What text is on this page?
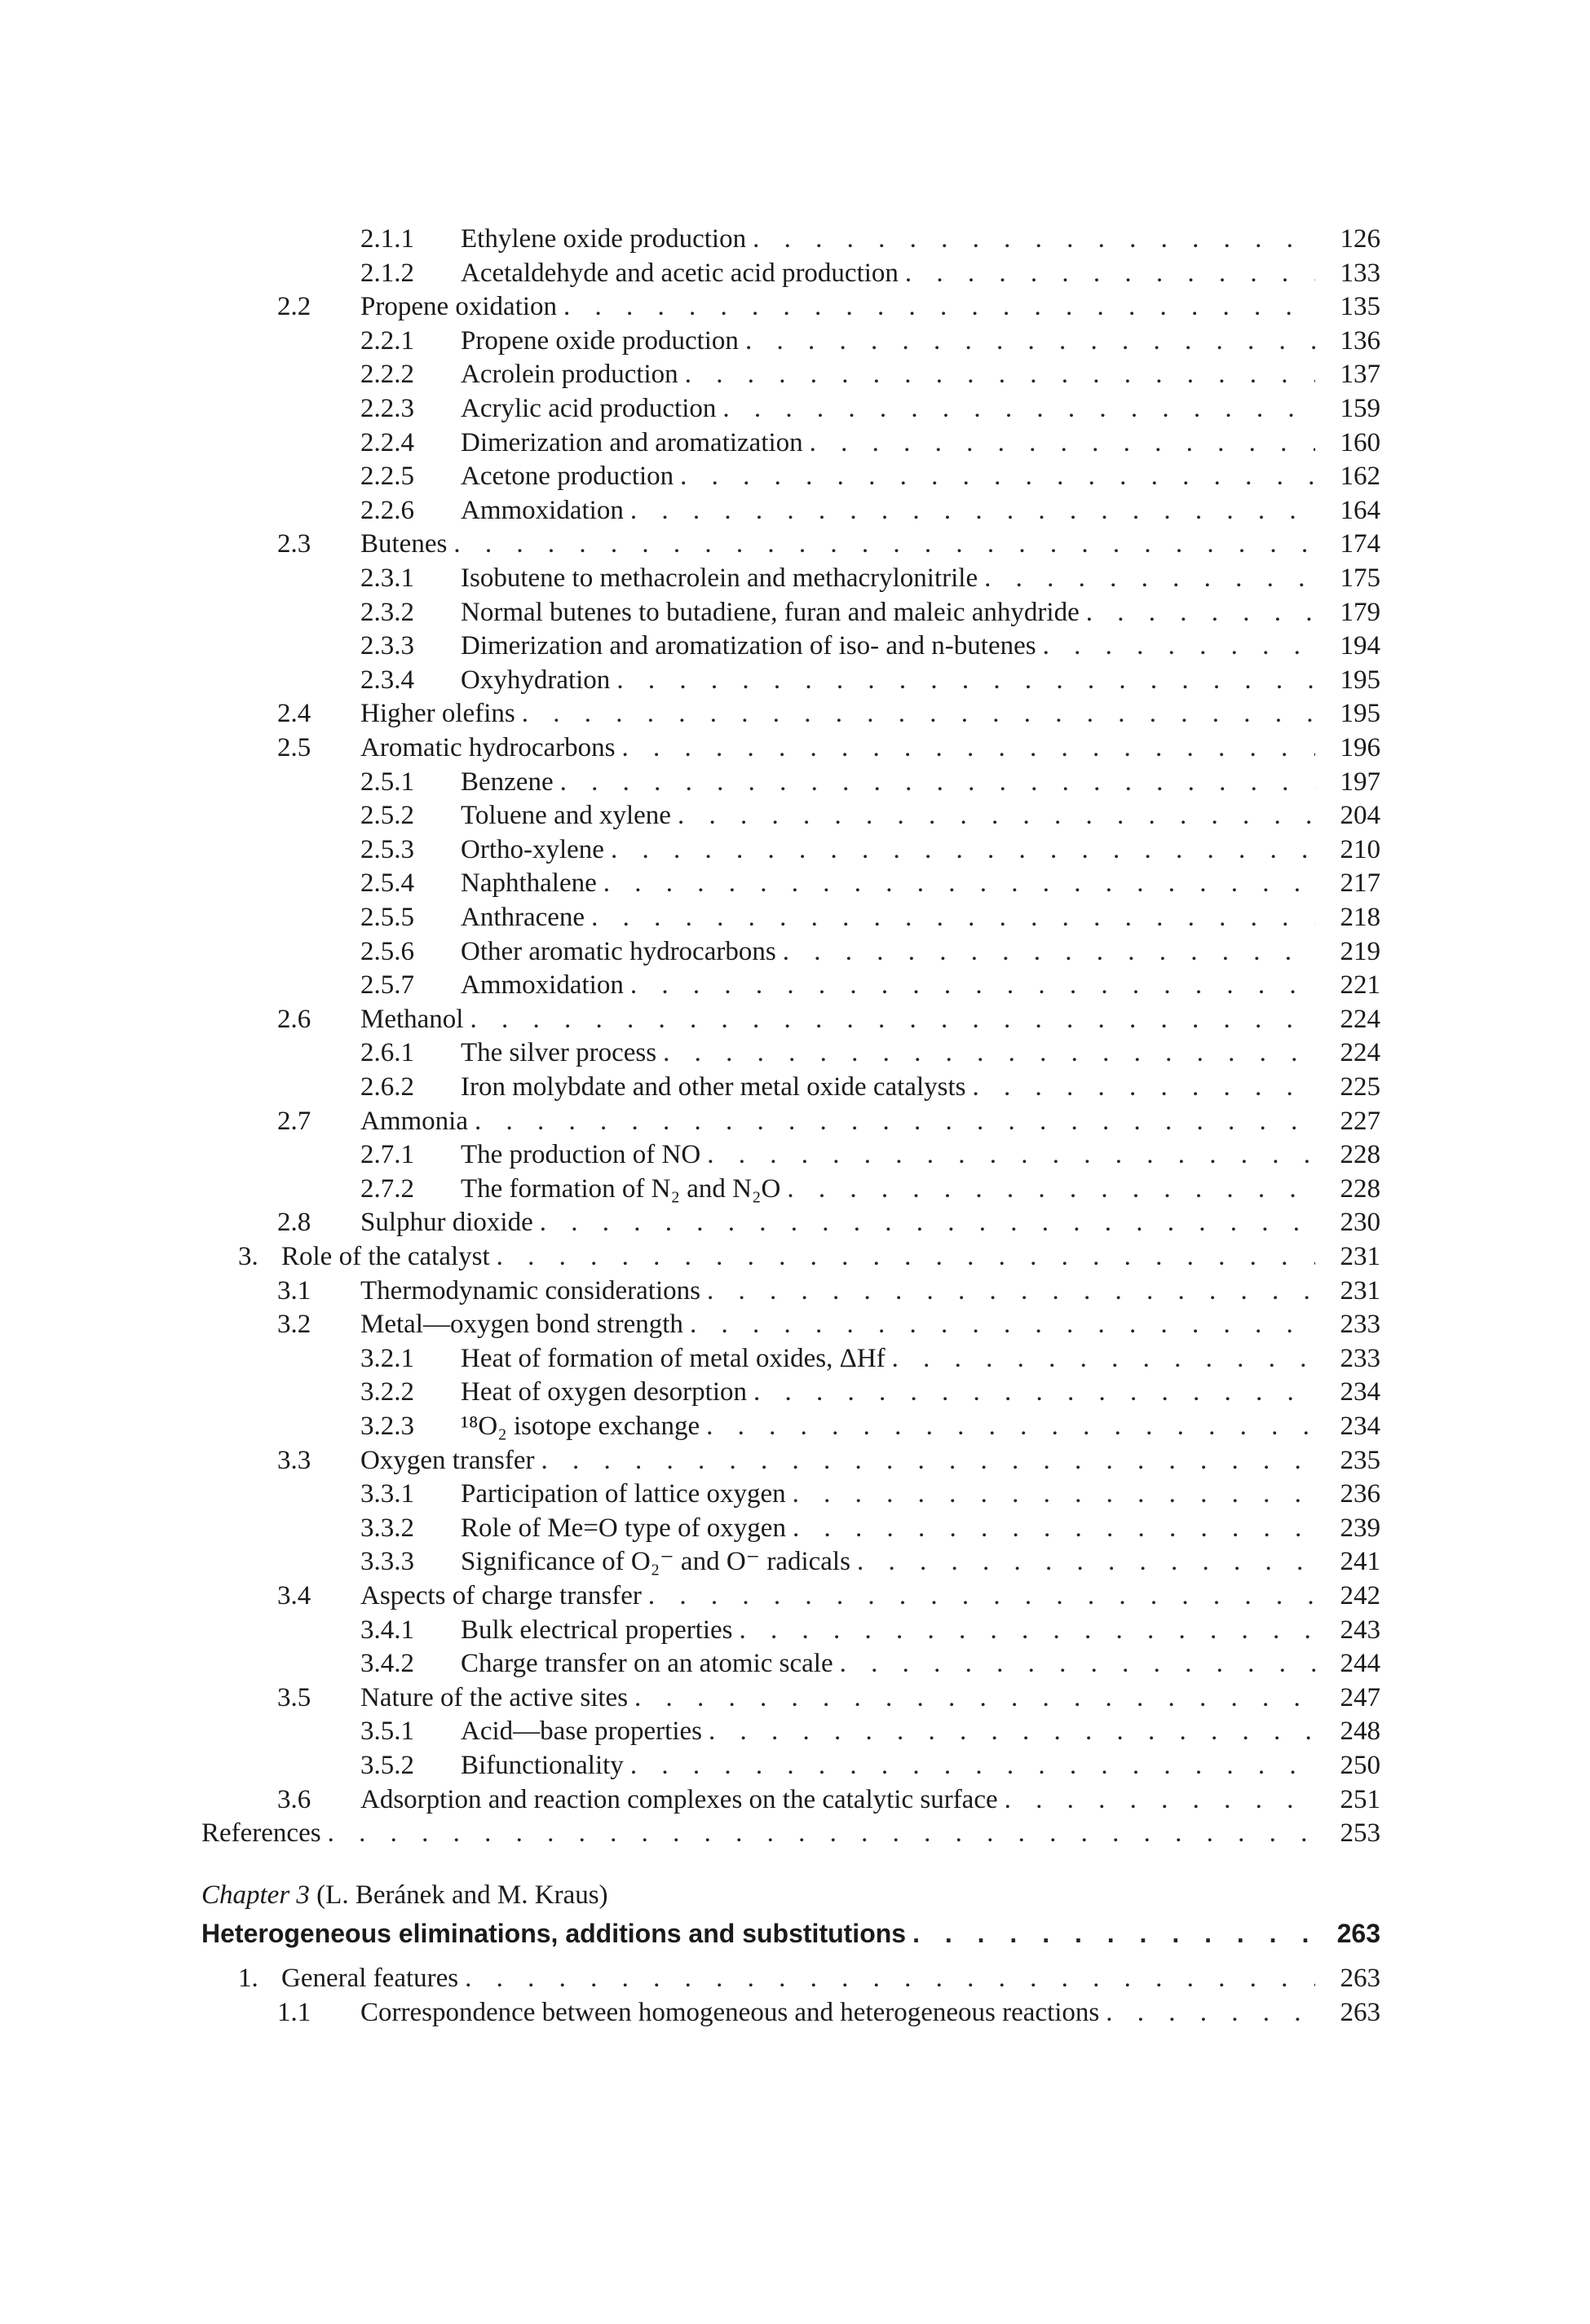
2.1.1 Ethylene oxide production . . .	126
2.1.2 Acetaldehyde and acetic acid production . . .	133
2.2 Propene oxidation . . .	135
2.2.1 Propene oxide production . . .	136
2.2.2 Acrolein production . . .	137
2.2.3 Acrylic acid production . . .	159
2.2.4 Dimerization and aromatization . . .	160
2.2.5 Acetone production . . .	162
2.2.6 Ammoxidation . . .	164
2.3 Butenes . . .	174
2.3.1 Isobutene to methacrolein and methacrylonitrile . . .	175
2.3.2 Normal butenes to butadiene, furan and maleic anhydride . . .	179
2.3.3 Dimerization and aromatization of iso- and n-butenes . . .	194
2.3.4 Oxyhydration . . .	195
2.4 Higher olefins . . .	195
2.5 Aromatic hydrocarbons . . .	196
2.5.1 Benzene . . .	197
2.5.2 Toluene and xylene . . .	204
2.5.3 Ortho-xylene . . .	210
2.5.4 Naphthalene . . .	217
2.5.5 Anthracene . . .	218
2.5.6 Other aromatic hydrocarbons . . .	219
2.5.7 Ammoxidation . . .	221
2.6 Methanol . . .	224
2.6.1 The silver process . . .	224
2.6.2 Iron molybdate and other metal oxide catalysts . . .	225
2.7 Ammonia . . .	227
2.7.1 The production of NO . . .	228
2.7.2 The formation of N₂ and N₂O . . .	228
2.8 Sulphur dioxide . . .	230
3. Role of the catalyst . . .	231
3.1 Thermodynamic considerations . . .	231
3.2 Metal—oxygen bond strength . . .	233
3.2.1 Heat of formation of metal oxides, ΔHf . . .	233
3.2.2 Heat of oxygen desorption . . .	234
3.2.3 ¹⁸O₂ isotope exchange . . .	234
3.3 Oxygen transfer . . .	235
3.3.1 Participation of lattice oxygen . . .	236
3.3.2 Role of Me=O type of oxygen . . .	239
3.3.3 Significance of O₂⁻ and O⁻ radicals . . .	241
3.4 Aspects of charge transfer . . .	242
3.4.1 Bulk electrical properties . . .	243
3.4.2 Charge transfer on an atomic scale . . .	244
3.5 Nature of the active sites . . .	247
3.5.1 Acid—base properties . . .	248
3.5.2 Bifunctionality . . .	250
3.6 Adsorption and reaction complexes on the catalytic surface . . .	251
References . . .	253
Chapter 3 (L. Beránek and M. Kraus)
Heterogeneous eliminations, additions and substitutions . . .	263
1. General features . . .	263
1.1 Correspondence between homogeneous and heterogeneous reactions . . .	263
